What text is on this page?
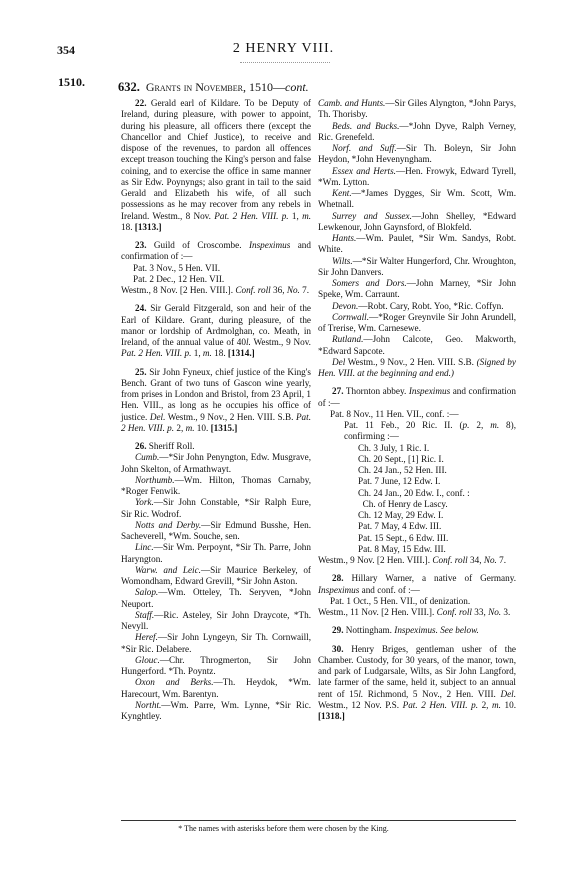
354	2 HENRY VIII.
1510.	632. Grants in November, 1510—cont.

22. Gerald earl of Kildare. To be Deputy of Ireland, during pleasure, with power to appoint, during his pleasure, all officers there (except the Chancellor and Chief Justice), to receive and dispose of the revenues, to pardon all offences except treason touching the King's person and false coining, and to exercise the office in same manner as Sir Edw. Poynyngs; also grant in tail to the said Gerald and Elizabeth his wife, of all such possessions as he may recover from any rebels in Ireland. Westm., 8 Nov. Pat. 2 Hen. VIII. p. 1, m. 18. [1313.]

23. Guild of Croscombe. Inspeximus and confirmation of :—

Pat. 3 Nov., 5 Hen. VII.

Pat. 2 Dec., 12 Hen. VII.

Westm., 8 Nov. [2 Hen. VIII.]. Conf. roll 36, No. 7.

24. Sir Gerald Fitzgerald, son and heir of the Earl of Kildare. Grant, during pleasure, of the manor or lordship of Ardmolghan, co. Meath, in Ireland, of the annual value of 40l. Westm., 9 Nov. Pat. 2 Hen. VIII. p. 1, m. 18. [1314.]

25. Sir John Fyneux, chief justice of the King's Bench. Grant of two tuns of Gascon wine yearly, from prises in London and Bristol, from 23 April, 1 Hen. VIII., as long as he occupies his office of justice. Del. Westm., 9 Nov., 2 Hen. VIII. S.B. Pat. 2 Hen. VIII. p. 2, m. 10. [1315.]

26. Sheriff Roll.

Cumb.—*Sir John Penyngton, Edw. Musgrave, John Skelton, of Armathwayt.

Northumb.—Wm. Hilton, Thomas Carnaby, *Roger Fenwik.

York.—Sir John Constable, *Sir Ralph Eure, Sir Ric. Wodrof.

Notts and Derby.—Sir Edmund Busshe, Hen. Sacheverell, *Wm. Souche, sen.

Linc.—Sir Wm. Perpoynt, *Sir Th. Parre, John Haryngton.

Warw. and Leic.—Sir Maurice Berkeley, of Womondham, Edward Grevill, *Sir John Aston.

Salop.—Wm. Otteley, Th. Seryven, *John Neuport.

Staff.—Ric. Asteley, Sir John Draycote, *Th. Nevyll.

Heref.—Sir John Lyngeyn, Sir Th. Cornwaill, *Sir Ric. Delabere.

Glouc.—Chr. Throgmerton, Sir John Hungerford. *Th. Poyntz.

Oxon and Berks.—Th. Heydok, *Wm. Harecourt, Wm. Barentyn.

Northt.—Wm. Parre, Wm. Lynne, *Sir Ric. Kynghtley.

Camb. and Hunts.—Sir Giles Alyngton, *John Parys, Th. Thorisby.

Beds. and Bucks.—*John Dyve, Ralph Verney, Ric. Grenefeld.

Norf. and Suff.—Sir Th. Boleyn, Sir John Heydon, *John Hevenyngham.

Essex and Herts.—Hen. Frowyk, Edward Tyrell, *Wm. Lytton.

Kent.—*James Dygges, Sir Wm. Scott, Wm. Whetnall.

Surrey and Sussex.—John Shelley, *Edward Lewkenour, John Gaynsford, of Blokfeld.

Hants.—Wm. Paulet, *Sir Wm. Sandys, Robt. White.

Wilts.—*Sir Walter Hungerford, Chr. Wroughton, Sir John Danvers.

Somers and Dors.—John Marney, *Sir John Speke, Wm. Carraunt.

Devon.—Robt. Cary, Robt. Yoo, *Ric. Coffyn.

Cornwall.—*Roger Greynvile Sir John Arundell, of Trerise, Wm. Carnesewe.

Rutland.—John Calcote, Geo. Makworth, *Edward Sapcote.

Del Westm., 9 Nov., 2 Hen. VIII. S.B. (Signed by Hen. VIII. at the beginning and end.)

27. Thornton abbey. Inspeximus and confirmation of :—

Pat. 8 Nov., 11 Hen. VII., conf. :—

Pat. 11 Feb., 20 Ric. II. (p. 2, m. 8), confirming :—

Ch. 3 July, 1 Ric. I.

Ch. 20 Sept., [1] Ric. I.

Ch. 24 Jan., 52 Hen. III.

Pat. 7 June, 12 Edw. I.

Ch. 24 Jan., 20 Edw. I., conf. :

Ch. of Henry de Lascy.

Ch. 12 May, 29 Edw. I.

Pat. 7 May, 4 Edw. III.

Pat. 15 Sept., 6 Edw. III.

Pat. 8 May, 15 Edw. III.

Westm., 9 Nov. [2 Hen. VIII.]. Conf. roll 34, No. 7.

28. Hillary Warner, a native of Germany. Inspeximus and conf. of :—

Pat. 1 Oct., 5 Hen. VII., of denization.

Westm., 11 Nov. [2 Hen. VIII.]. Conf. roll 33, No. 3.

29. Nottingham. Inspeximus. See below.

30. Henry Briges, gentleman usher of the Chamber. Custody, for 30 years, of the manor, town, and park of Ludgarsale, Wilts, as Sir John Langford, late farmer of the same, held it, subject to an annual rent of 15l. Richmond, 5 Nov., 2 Hen. VIII. Del. Westm., 12 Nov. P.S. Pat. 2 Hen. VIII. p. 2, m. 10. [1318.]

* The names with asterisks before them were chosen by the King.
